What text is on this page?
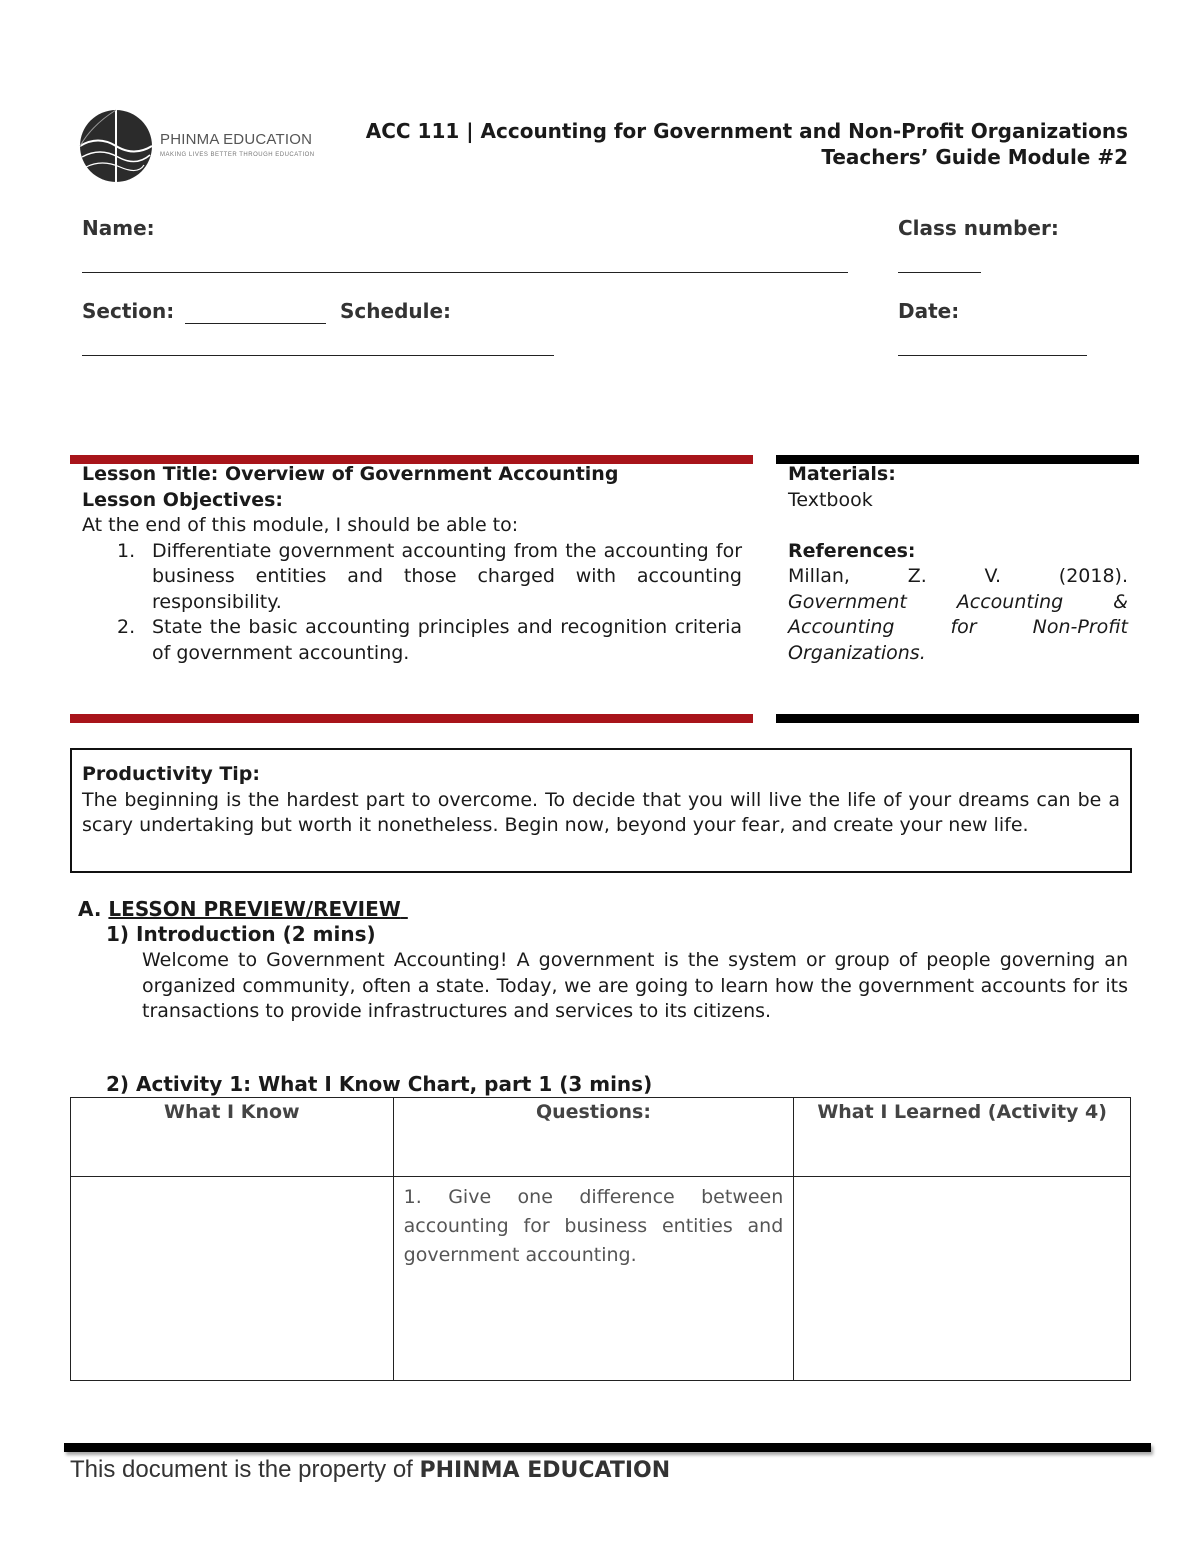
PHINMA EDUCATION
MAKING LIVES BETTER THROUGH EDUCATION
ACC 111 | Accounting for Government and Non-Profit Organizations
Teachers’ Guide Module #2
Name:	Class number:
Section:	Schedule:	Date:
Lesson Title: Overview of Government Accounting
Lesson Objectives:
At the end of this module, I should be able to:
1. Differentiate government accounting from the accounting for business entities and those charged with accounting responsibility.
2. State the basic accounting principles and recognition criteria of government accounting.
Materials:
Textbook
References:
Millan,	Z.	V.	(2018).
Government Accounting & Accounting for Non-Profit Organizations.
Productivity Tip:
The beginning is the hardest part to overcome. To decide that you will live the life of your dreams can be a scary undertaking but worth it nonetheless. Begin now, beyond your fear, and create your new life.
A. LESSON PREVIEW/REVIEW
1) Introduction (2 mins)
Welcome to Government Accounting! A government is the system or group of people governing an organized community, often a state. Today, we are going to learn how the government accounts for its transactions to provide infrastructures and services to its citizens.
2) Activity 1: What I Know Chart, part 1 (3 mins)
What I Know	Questions:	What I Learned (Activity 4)
	1. Give one difference between accounting for business entities and government accounting.	
This document is the property of PHINMA EDUCATION
